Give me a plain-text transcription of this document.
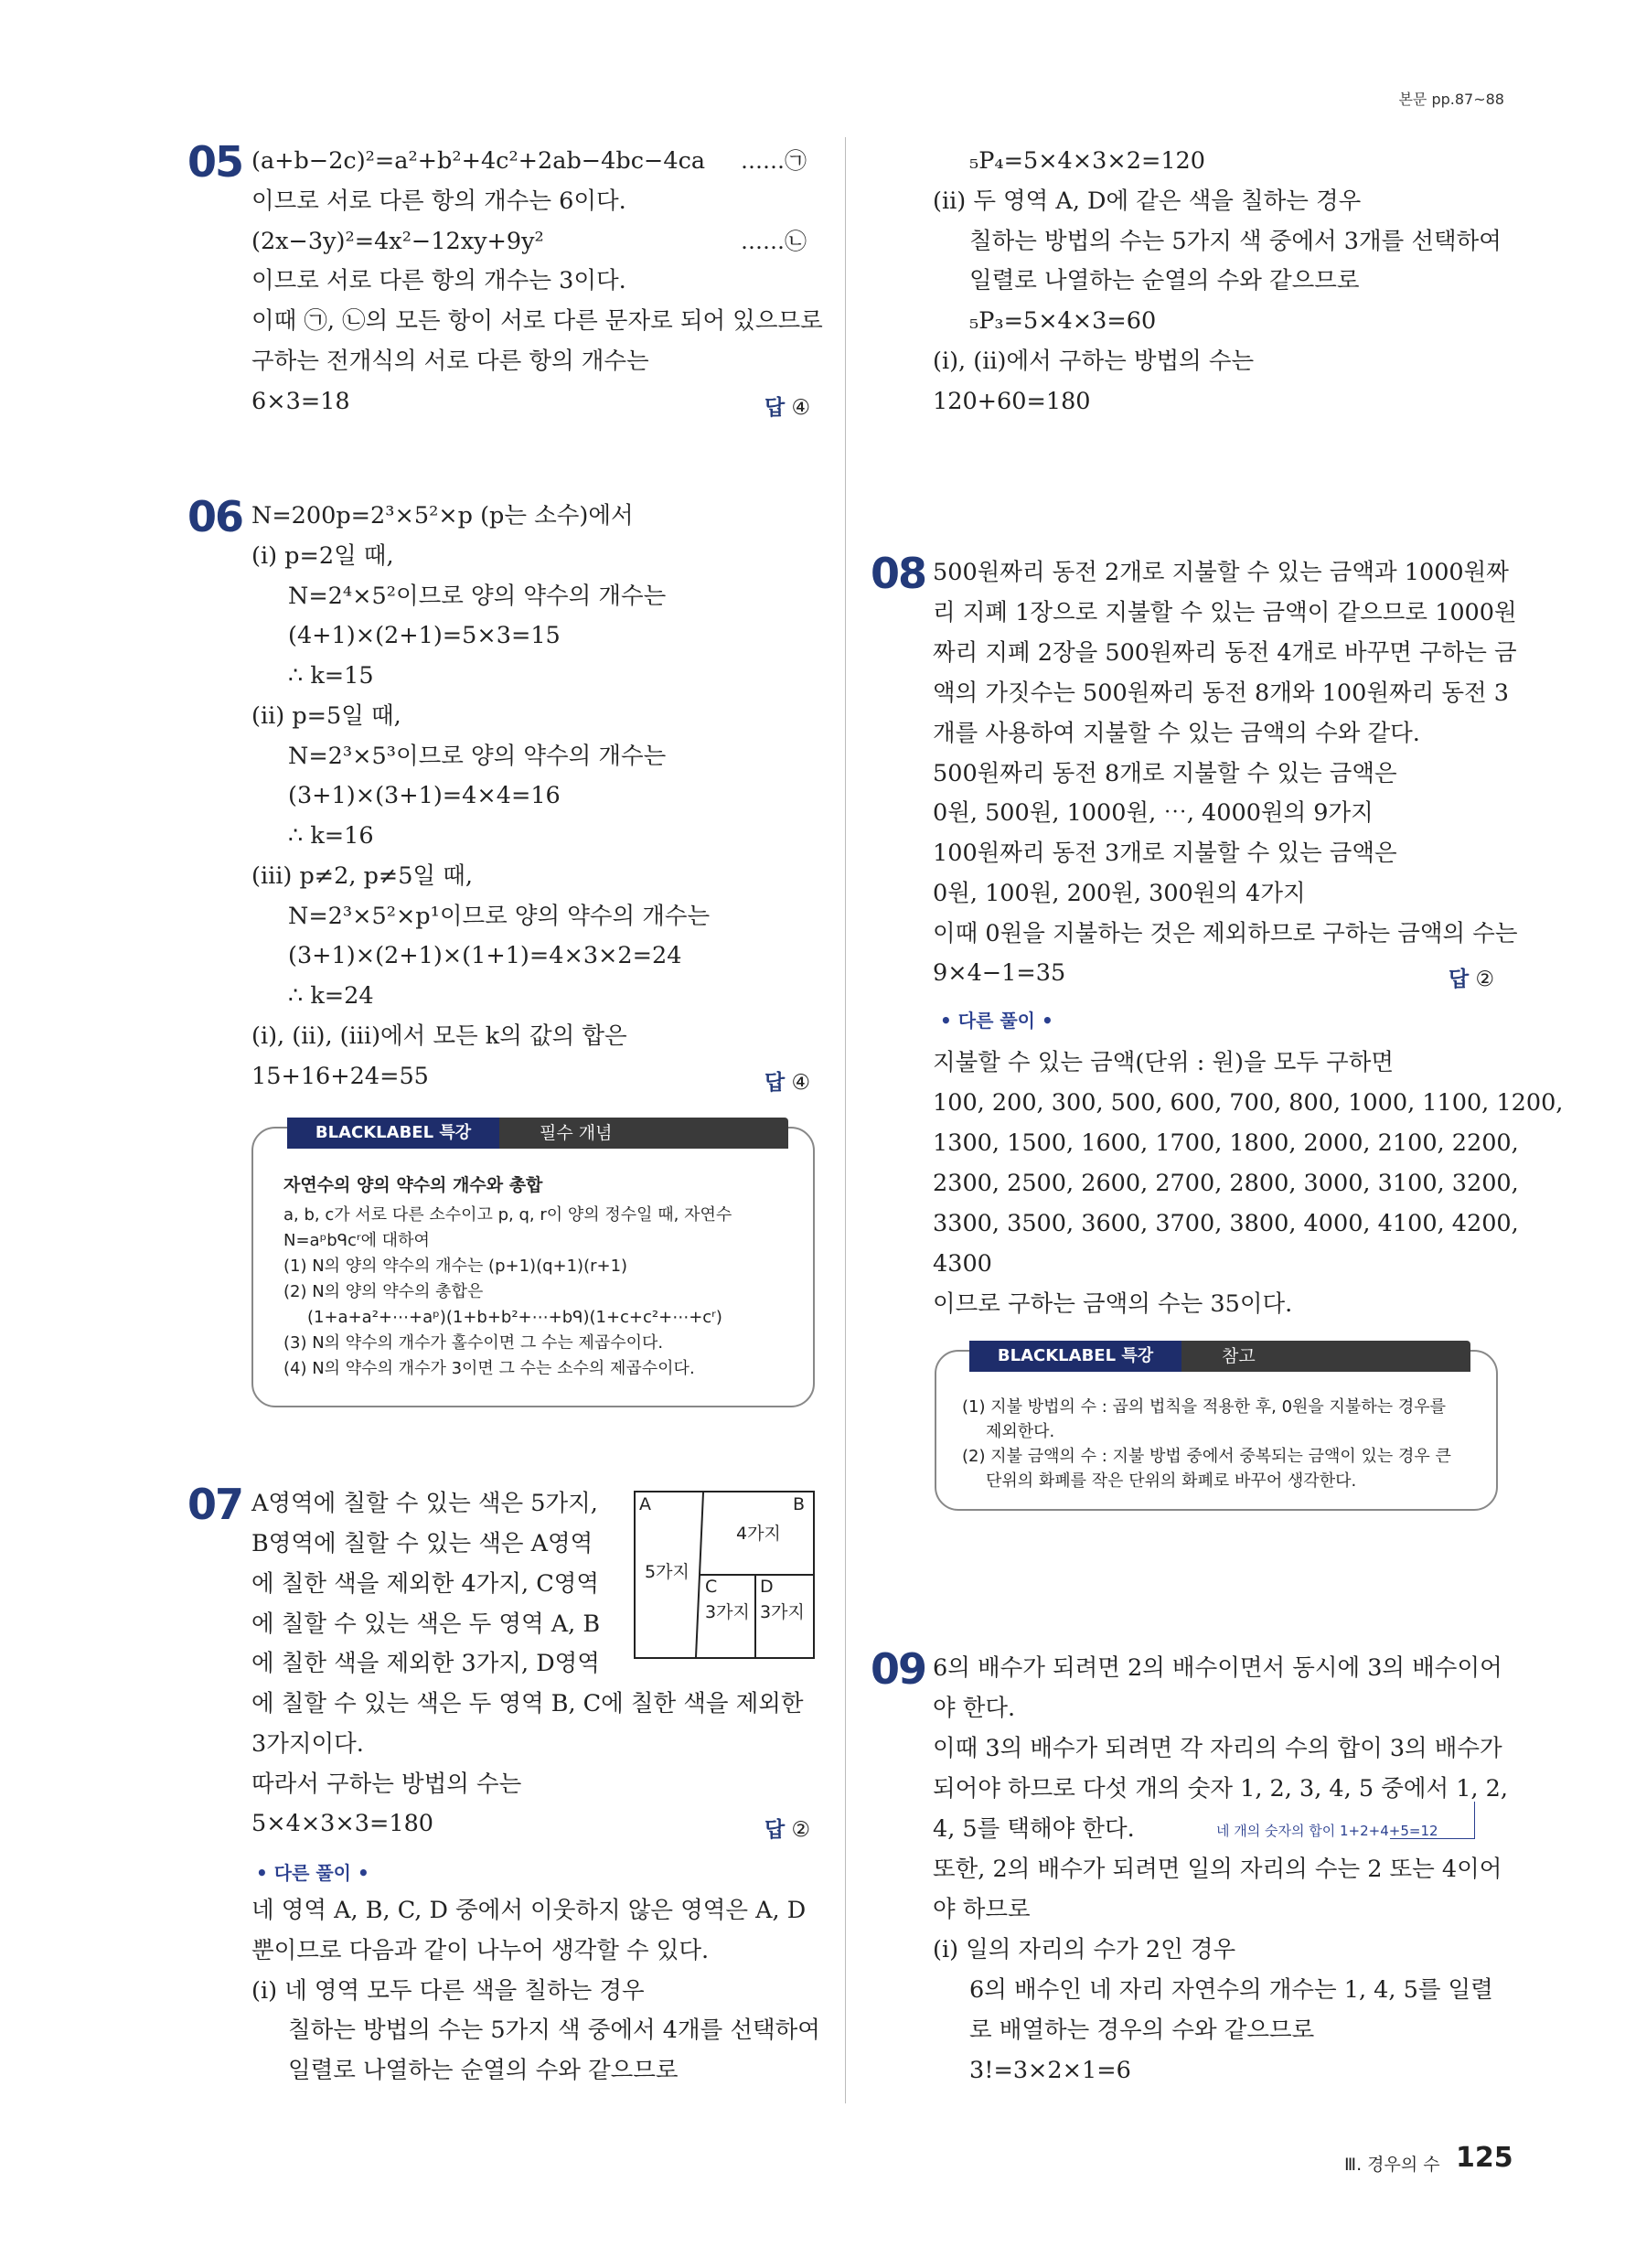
본문 pp.87~88
05 (a+b−2c)²=a²+b²+4c²+2ab−4bc−4ca ……㉠
이므로 서로 다른 항의 개수는 6이다.
(2x−3y)²=4x²−12xy+9y²	……㉡
이므로 서로 다른 항의 개수는 3이다.
이때 ㉠, ㉡의 모든 항이 서로 다른 문자로 되어 있으므로
구하는 전개식의 서로 다른 항의 개수는
6×3=18	답 ④
06 N=200p=2³×5²×p (p는 소수)에서
(ⅰ) p=2일 때,
N=2⁴×5²이므로 양의 약수의 개수는
(4+1)×(2+1)=5×3=15
∴ k=15
(ⅱ) p=5일 때,
N=2³×5³이므로 양의 약수의 개수는
(3+1)×(3+1)=4×4=16
∴ k=16
(ⅲ) p≠2, p≠5일 때,
N=2³×5²×p¹이므로 양의 약수의 개수는
(3+1)×(2+1)×(1+1)=4×3×2=24
∴ k=24
(ⅰ), (ⅱ), (ⅲ)에서 모든 k의 값의 합은
15+16+24=55	답 ④
BLACKLABEL 특강	필수 개념
자연수의 양의 약수의 개수와 총합
a, b, c가 서로 다른 소수이고 p, q, r이 양의 정수일 때, 자연수
N=aᵖbᑫcʳ에 대하여
(1) N의 양의 약수의 개수는 (p+1)(q+1)(r+1)
(2) N의 양의 약수의 총합은
(1+a+a²+⋯+aᵖ)(1+b+b²+⋯+bᑫ)(1+c+c²+⋯+cʳ)
(3) N의 약수의 개수가 홀수이면 그 수는 제곱수이다.
(4) N의 약수의 개수가 3이면 그 수는 소수의 제곱수이다.
07 A영역에 칠할 수 있는 색은 5가지,
B영역에 칠할 수 있는 색은 A영역
에 칠한 색을 제외한 4가지, C영역
에 칠할 수 있는 색은 두 영역 A, B
에 칠한 색을 제외한 3가지, D영역
에 칠할 수 있는 색은 두 영역 B, C에 칠한 색을 제외한
3가지이다.
따라서 구하는 방법의 수는
5×4×3×3=180	답 ②
• 다른 풀이 •
네 영역 A, B, C, D 중에서 이웃하지 않은 영역은 A, D
뿐이므로 다음과 같이 나누어 생각할 수 있다.
(ⅰ) 네 영역 모두 다른 색을 칠하는 경우
칠하는 방법의 수는 5가지 색 중에서 4개를 선택하여
일렬로 나열하는 순열의 수와 같으므로
A	B
C D
5가지
4가지
3가지 3가지
₅P₄=5×4×3×2=120
(ⅱ) 두 영역 A, D에 같은 색을 칠하는 경우
칠하는 방법의 수는 5가지 색 중에서 3개를 선택하여
일렬로 나열하는 순열의 수와 같으므로
₅P₃=5×4×3=60
(ⅰ), (ⅱ)에서 구하는 방법의 수는
120+60=180
08 500원짜리 동전 2개로 지불할 수 있는 금액과 1000원짜
리 지폐 1장으로 지불할 수 있는 금액이 같으므로 1000원
짜리 지폐 2장을 500원짜리 동전 4개로 바꾸면 구하는 금
액의 가짓수는 500원짜리 동전 8개와 100원짜리 동전 3
개를 사용하여 지불할 수 있는 금액의 수와 같다.
500원짜리 동전 8개로 지불할 수 있는 금액은
0원, 500원, 1000원, ⋯, 4000원의 9가지
100원짜리 동전 3개로 지불할 수 있는 금액은
0원, 100원, 200원, 300원의 4가지
이때 0원을 지불하는 것은 제외하므로 구하는 금액의 수는
9×4−1=35	답 ②
• 다른 풀이 •
지불할 수 있는 금액(단위 : 원)을 모두 구하면
100, 200, 300, 500, 600, 700, 800, 1000, 1100, 1200,
1300, 1500, 1600, 1700, 1800, 2000, 2100, 2200,
2300, 2500, 2600, 2700, 2800, 3000, 3100, 3200,
3300, 3500, 3600, 3700, 3800, 4000, 4100, 4200,
4300
이므로 구하는 금액의 수는 35이다.
BLACKLABEL 특강	참고
(1) 지불 방법의 수 : 곱의 법칙을 적용한 후, 0원을 지불하는 경우를
제외한다.
(2) 지불 금액의 수 : 지불 방법 중에서 중복되는 금액이 있는 경우 큰
단위의 화폐를 작은 단위의 화폐로 바꾸어 생각한다.
09 6의 배수가 되려면 2의 배수이면서 동시에 3의 배수이어
야 한다.
이때 3의 배수가 되려면 각 자리의 수의 합이 3의 배수가
되어야 하므로 다섯 개의 숫자 1, 2, 3, 4, 5 중에서 1, 2,
4, 5를 택해야 한다.	네 개의 숫자의 합이 1+2+4+5=12
또한, 2의 배수가 되려면 일의 자리의 수는 2 또는 4이어
야 하므로
(ⅰ) 일의 자리의 수가 2인 경우
6의 배수인 네 자리 자연수의 개수는 1, 4, 5를 일렬
로 배열하는 경우의 수와 같으므로
3!=3×2×1=6
Ⅲ. 경우의 수 125
